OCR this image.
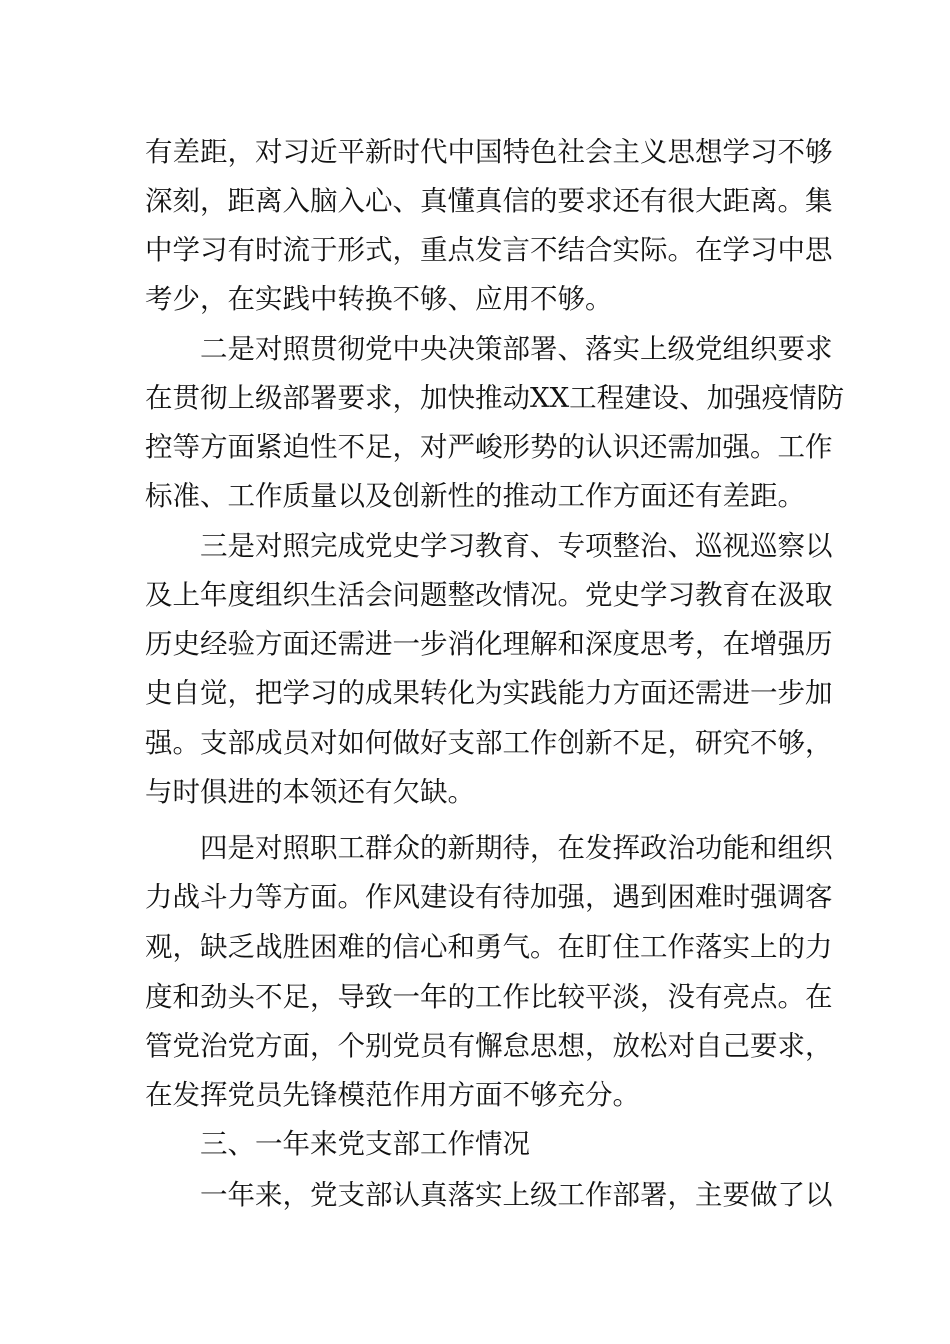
有差距，对习近平新时代中国特色社会主义思想学习不够
深刻，距离入脑入心、真懂真信的要求还有很大距离。集
中学习有时流于形式，重点发言不结合实际。在学习中思
考少，在实践中转换不够、应用不够。
二是对照贯彻党中央决策部署、落实上级党组织要求
在贯彻上级部署要求，加快推动XX工程建设、加强疫情防
控等方面紧迫性不足，对严峻形势的认识还需加强。工作
标准、工作质量以及创新性的推动工作方面还有差距。
三是对照完成党史学习教育、专项整治、巡视巡察以
及上年度组织生活会问题整改情况。党史学习教育在汲取
历史经验方面还需进一步消化理解和深度思考，在增强历
史自觉，把学习的成果转化为实践能力方面还需进一步加
强。支部成员对如何做好支部工作创新不足，研究不够，
与时俱进的本领还有欠缺。
四是对照职工群众的新期待，在发挥政治功能和组织
力战斗力等方面。作风建设有待加强，遇到困难时强调客
观，缺乏战胜困难的信心和勇气。在盯住工作落实上的力
度和劲头不足，导致一年的工作比较平淡，没有亮点。在
管党治党方面，个别党员有懈怠思想，放松对自己要求，
在发挥党员先锋模范作用方面不够充分。
三、一年来党支部工作情况
一年来，党支部认真落实上级工作部署，主要做了以
